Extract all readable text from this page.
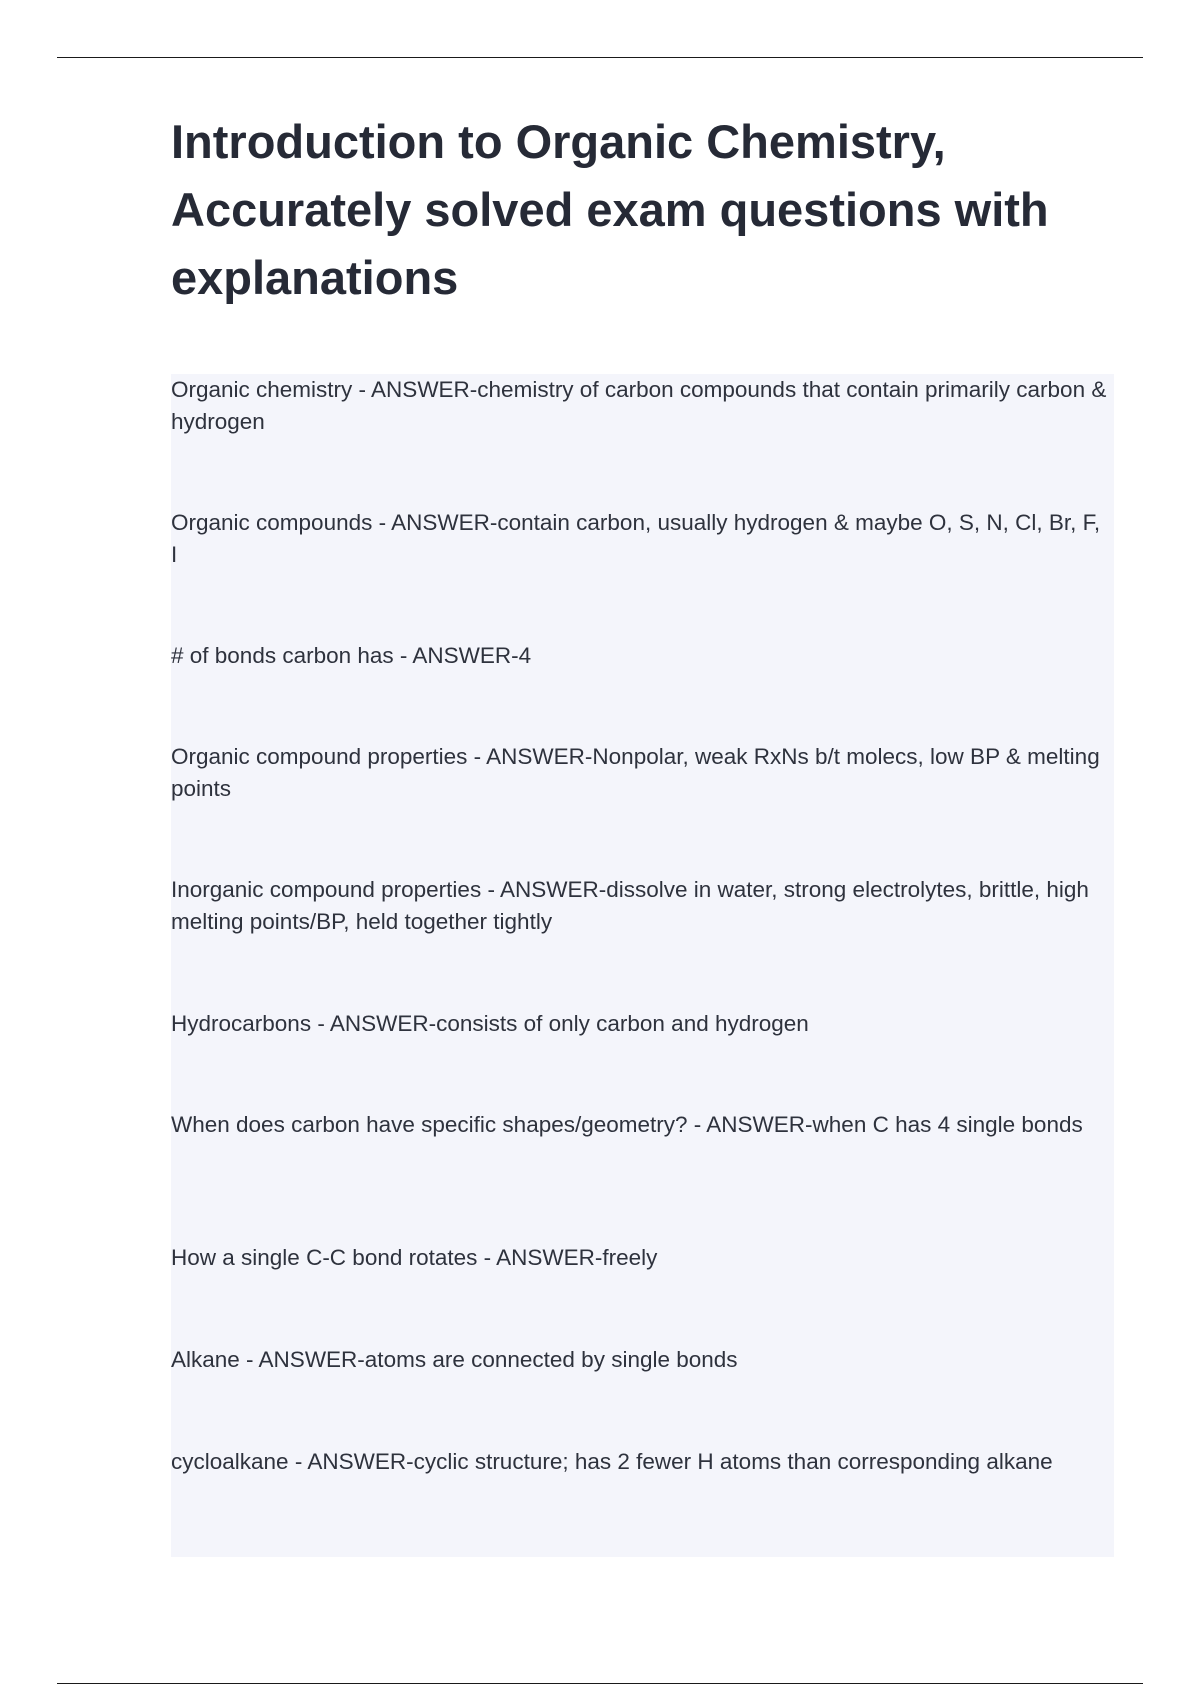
Introduction to Organic Chemistry, Accurately solved exam questions with explanations
Organic chemistry - ANSWER-chemistry of carbon compounds that contain primarily carbon & hydrogen
Organic compounds - ANSWER-contain carbon, usually hydrogen & maybe O, S, N, Cl, Br, F, I
# of bonds carbon has - ANSWER-4
Organic compound properties - ANSWER-Nonpolar, weak RxNs b/t molecs, low BP & melting points
Inorganic compound properties - ANSWER-dissolve in water, strong electrolytes, brittle, high melting points/BP, held together tightly
Hydrocarbons - ANSWER-consists of only carbon and hydrogen
When does carbon have specific shapes/geometry? - ANSWER-when C has 4 single bonds
How a single C-C bond rotates - ANSWER-freely
Alkane - ANSWER-atoms are connected by single bonds
cycloalkane - ANSWER-cyclic structure; has 2 fewer H atoms than corresponding alkane
